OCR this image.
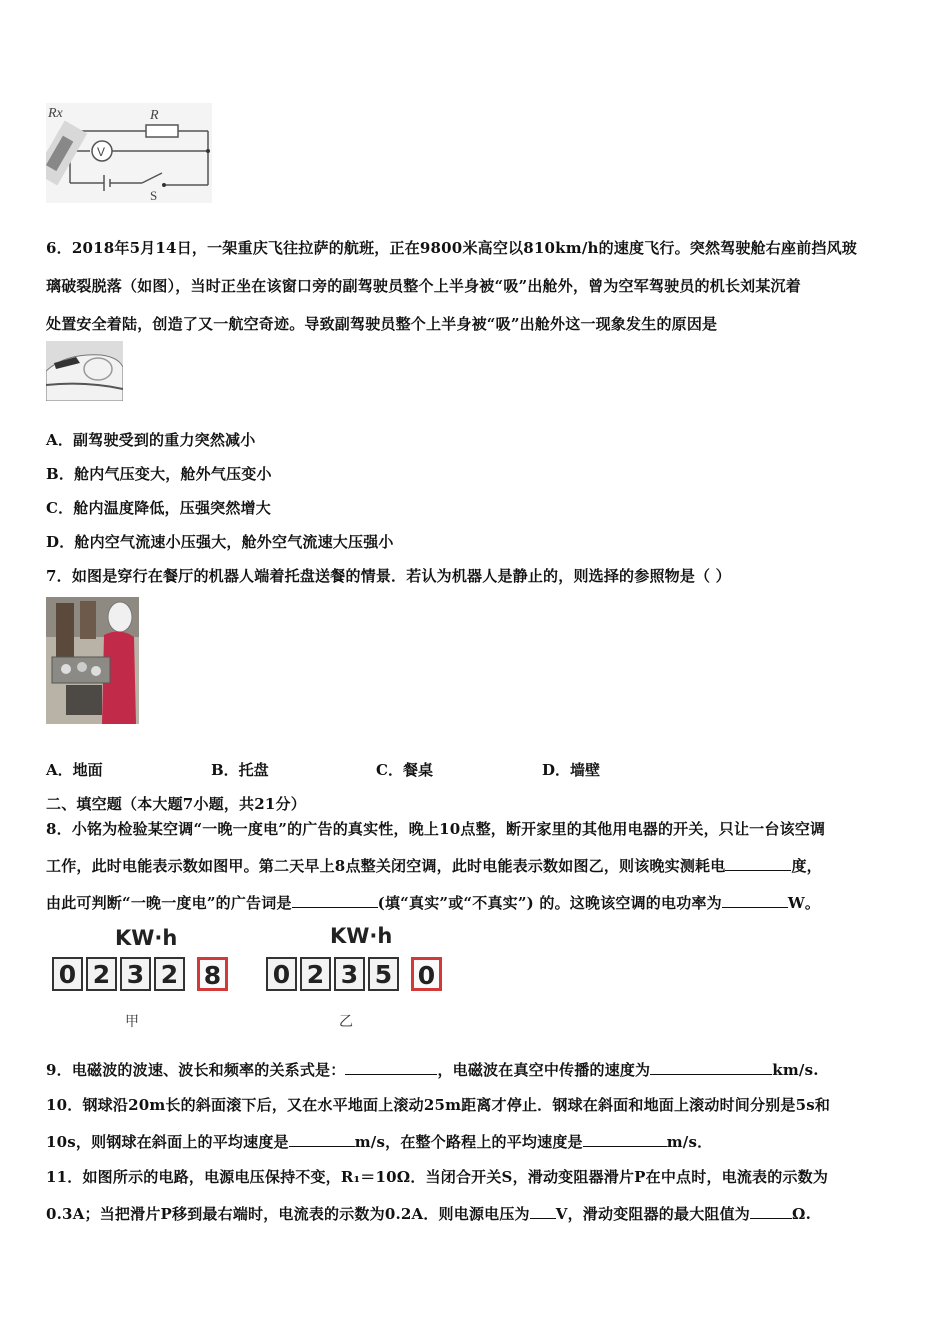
Rx	R
V
S
6．2018年5月14日，一架重庆飞往拉萨的航班，正在9800米高空以810km/h的速度飞行。突然驾驶舱右座前挡风玻
璃破裂脱落（如图），当时正坐在该窗口旁的副驾驶员整个上半身被“吸”出舱外，曾为空军驾驶员的机长刘某沉着
处置安全着陆，创造了又一航空奇迹。导致副驾驶员整个上半身被“吸”出舱外这一现象发生的原因是
A．副驾驶受到的重力突然减小
B．舱内气压变大，舱外气压变小
C．舱内温度降低，压强突然增大
D．舱内空气流速小压强大，舱外空气流速大压强小
7．如图是穿行在餐厅的机器人端着托盘送餐的情景．若认为机器人是静止的，则选择的参照物是（ ）
A．地面	B．托盘	C．餐桌	D．墙壁
二、填空题（本大题7小题，共21分）
8．小铭为检验某空调“一晚一度电”的广告的真实性，晚上10点整，断开家里的其他用电器的开关，只让一台该空调
工作，此时电能表示数如图甲。第二天早上8点整关闭空调，此时电能表示数如图乙，则该晚实测耗电	度，
由此可判断“一晚一度电”的广告词是	(填“真实”或“不真实”) 的。这晚该空调的电功率为	W。
KW·h
0 2 3 2 8
甲
KW·h
0 2 3 5 0
乙
9．电磁波的波速、波长和频率的关系式是：	，电磁波在真空中传播的速度为	km/s.
10．钢球沿20m长的斜面滚下后，又在水平地面上滚动25m距离才停止．钢球在斜面和地面上滚动时间分别是5s和
10s，则钢球在斜面上的平均速度是	m/s，在整个路程上的平均速度是	m/s．
11．如图所示的电路，电源电压保持不变，R₁＝10Ω．当闭合开关S，滑动变阻器滑片P在中点时，电流表的示数为
0.3A；当把滑片P移到最右端时，电流表的示数为0.2A．则电源电压为 V，滑动变阻器的最大阻值为	Ω.
